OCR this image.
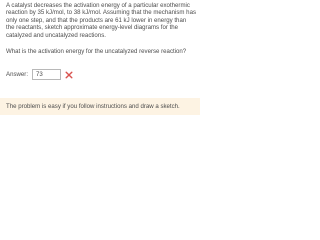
A catalyst decreases the activation energy of a particular exothermic reaction by 35 kJ/mol, to 38 kJ/mol. Assuming that the mechanism has only one step, and that the products are 61 kJ lower in energy than the reactants, sketch approximate energy-level diagrams for the catalyzed and uncatalyzed reactions.

What is the activation energy for the uncatalyzed reverse reaction?

Answer: 73
The problem is easy if you follow instructions and draw a sketch.
